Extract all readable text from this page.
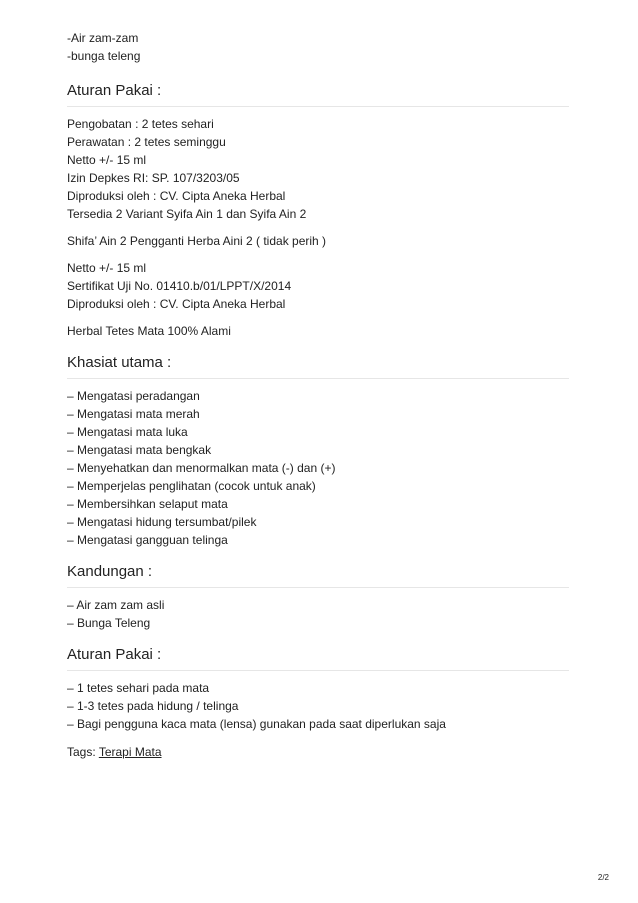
-Air zam-zam
-bunga teleng
Aturan Pakai :
Pengobatan : 2 tetes sehari
Perawatan : 2 tetes seminggu
Netto +/- 15 ml
Izin Depkes RI: SP. 107/3203/05
Diproduksi oleh : CV. Cipta Aneka Herbal
Tersedia 2 Variant Syifa Ain 1 dan Syifa Ain 2
Shifa’ Ain 2 Pengganti Herba Aini 2 ( tidak perih )
Netto +/- 15 ml
Sertifikat Uji No. 01410.b/01/LPPT/X/2014
Diproduksi oleh : CV. Cipta Aneka Herbal
Herbal Tetes Mata 100% Alami
Khasiat utama :
– Mengatasi peradangan
– Mengatasi mata merah
– Mengatasi mata luka
– Mengatasi mata bengkak
– Menyehatkan dan menormalkan mata (-) dan (+)
– Memperjelas penglihatan (cocok untuk anak)
– Membersihkan selaput mata
– Mengatasi hidung tersumbat/pilek
– Mengatasi gangguan telinga
Kandungan :
– Air zam zam asli
– Bunga Teleng
Aturan Pakai :
– 1 tetes sehari pada mata
– 1-3 tetes pada hidung / telinga
– Bagi pengguna kaca mata (lensa) gunakan pada saat diperlukan saja
Tags: Terapi Mata
2/2
